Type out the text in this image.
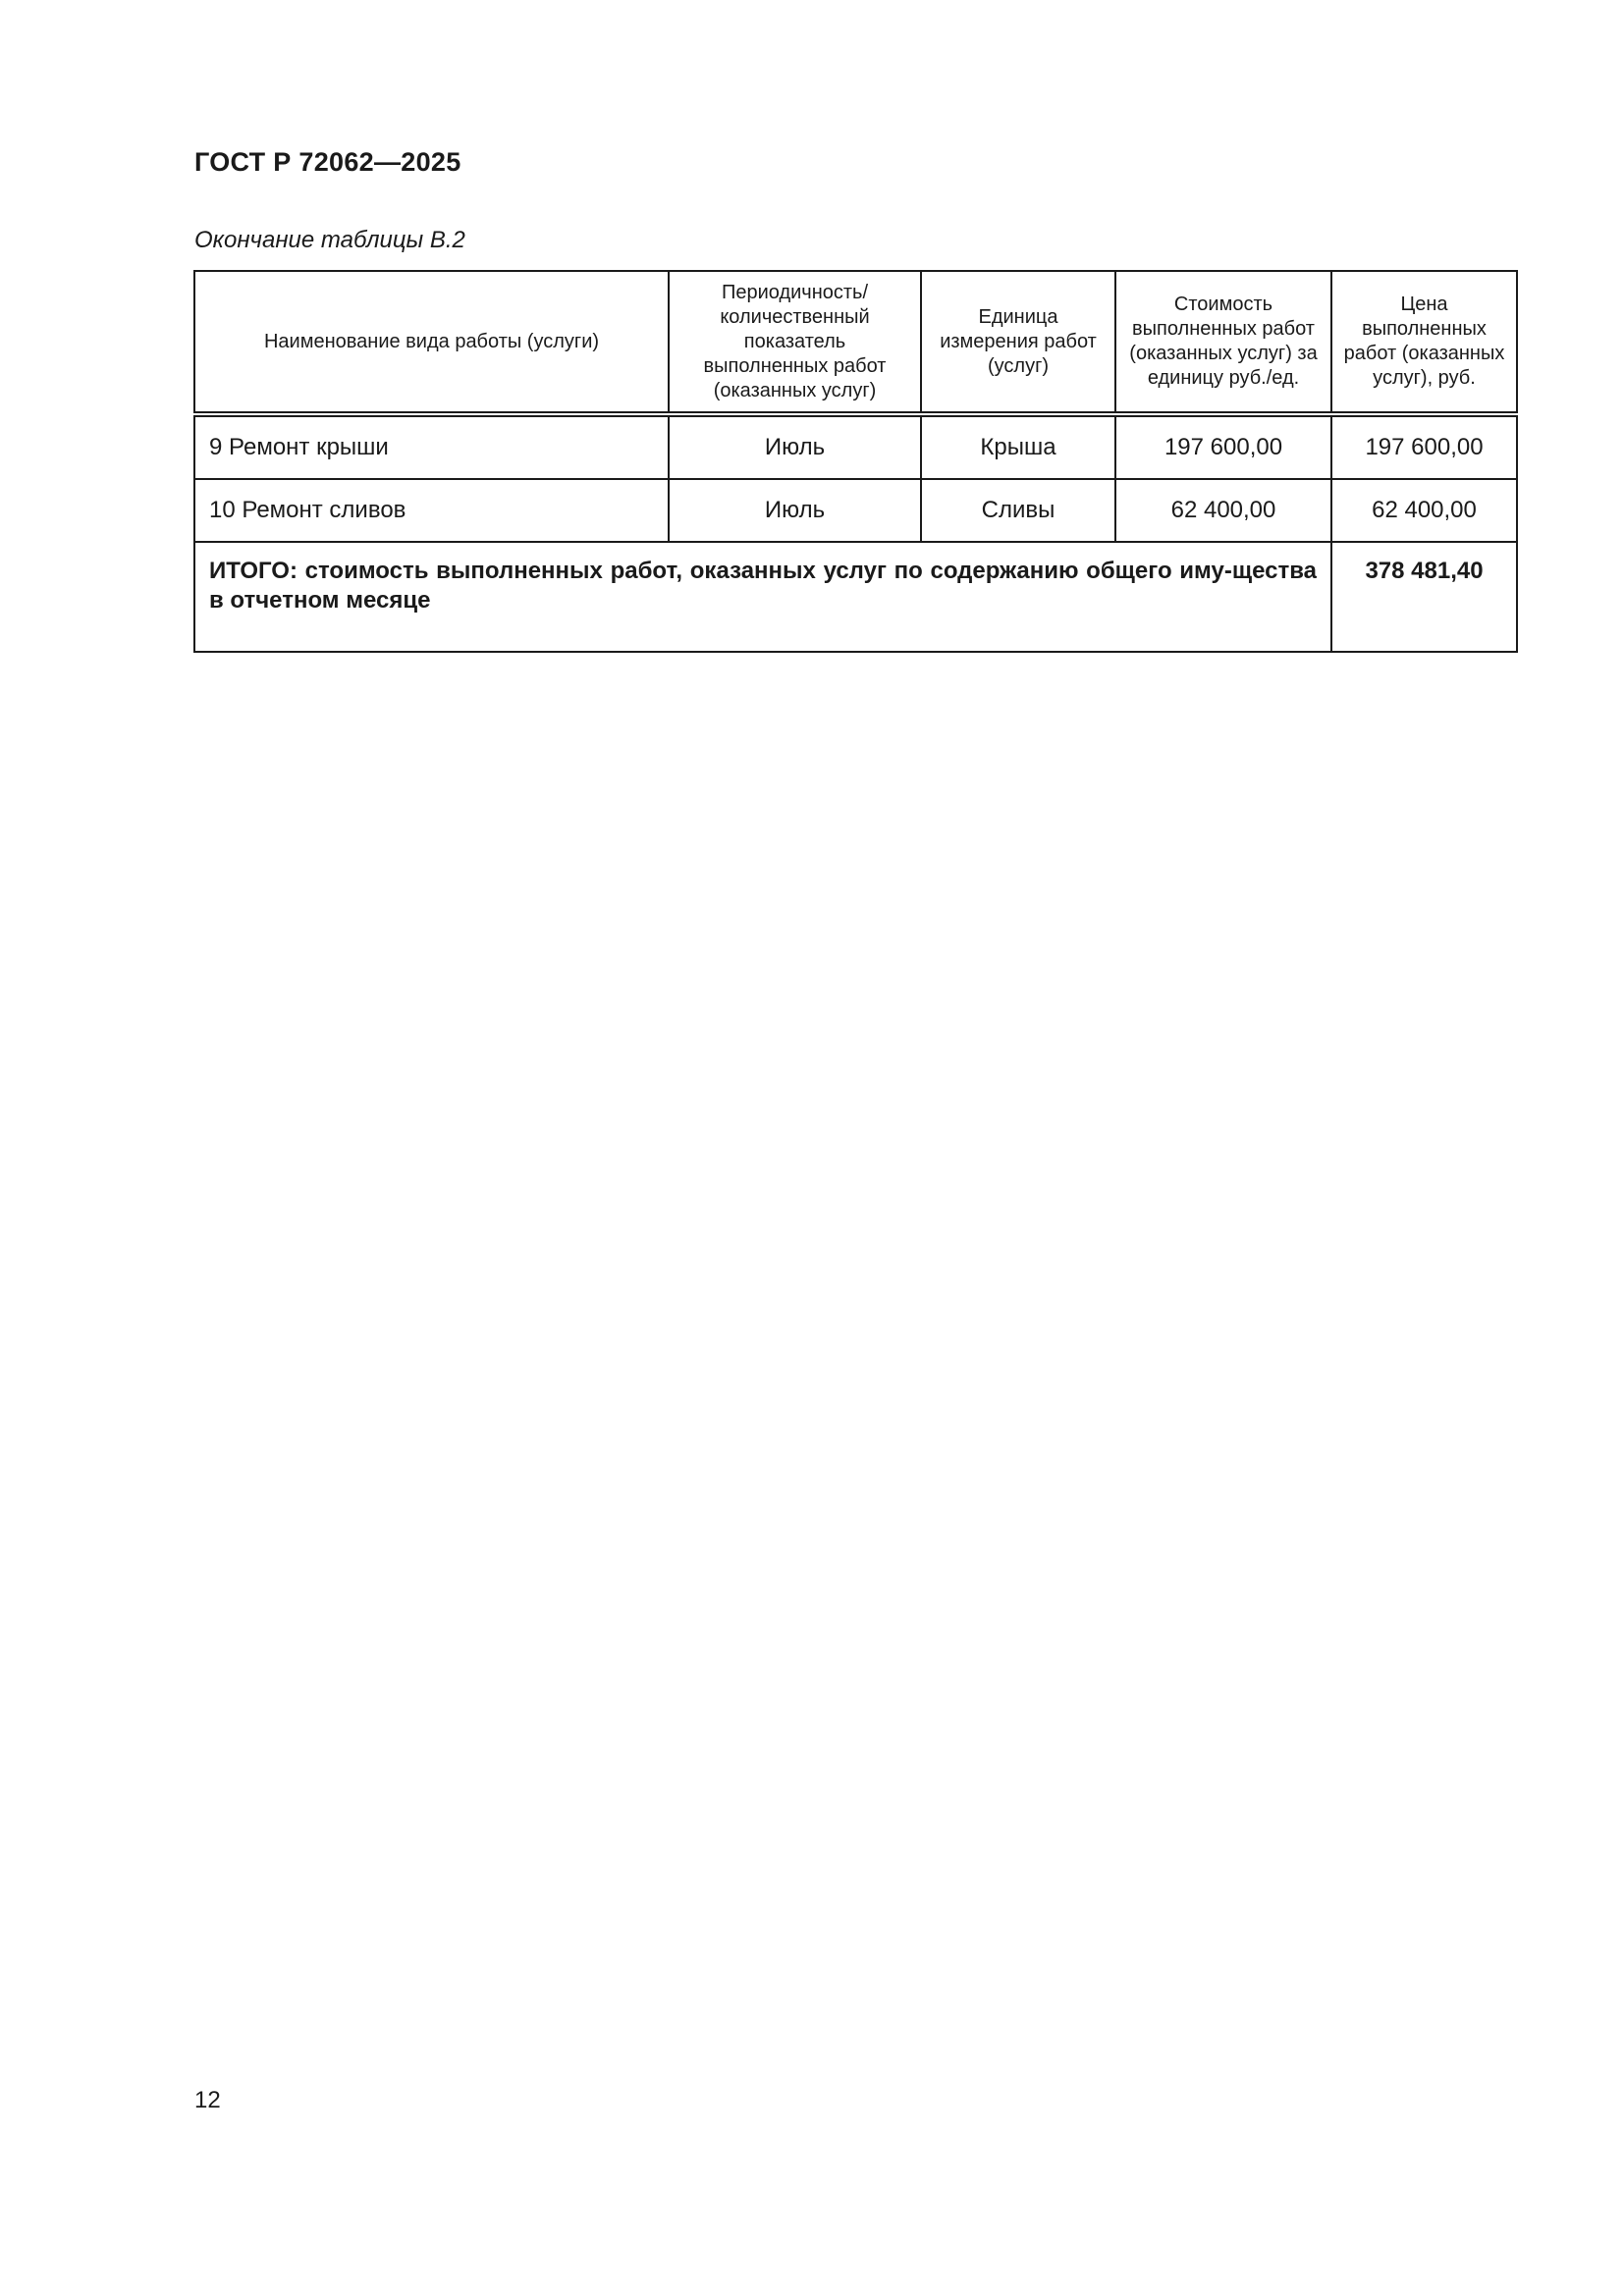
ГОСТ Р 72062—2025
Окончание таблицы В.2
Наименование вида работы (услуги)	Периодичность/ количественный показатель выполненных работ (оказанных услуг)	Единица измерения работ (услуг)	Стоимость выполненных работ (оказанных услуг) за единицу руб./ед.	Цена выполненных работ (оказанных услуг), руб.
9 Ремонт крыши	Июль	Крыша	197 600,00	197 600,00
10 Ремонт сливов	Июль	Сливы	62 400,00	62 400,00
ИТОГО: стоимость выполненных работ, оказанных услуг по содержанию общего иму-щества в отчетном месяце				378 481,40
12
